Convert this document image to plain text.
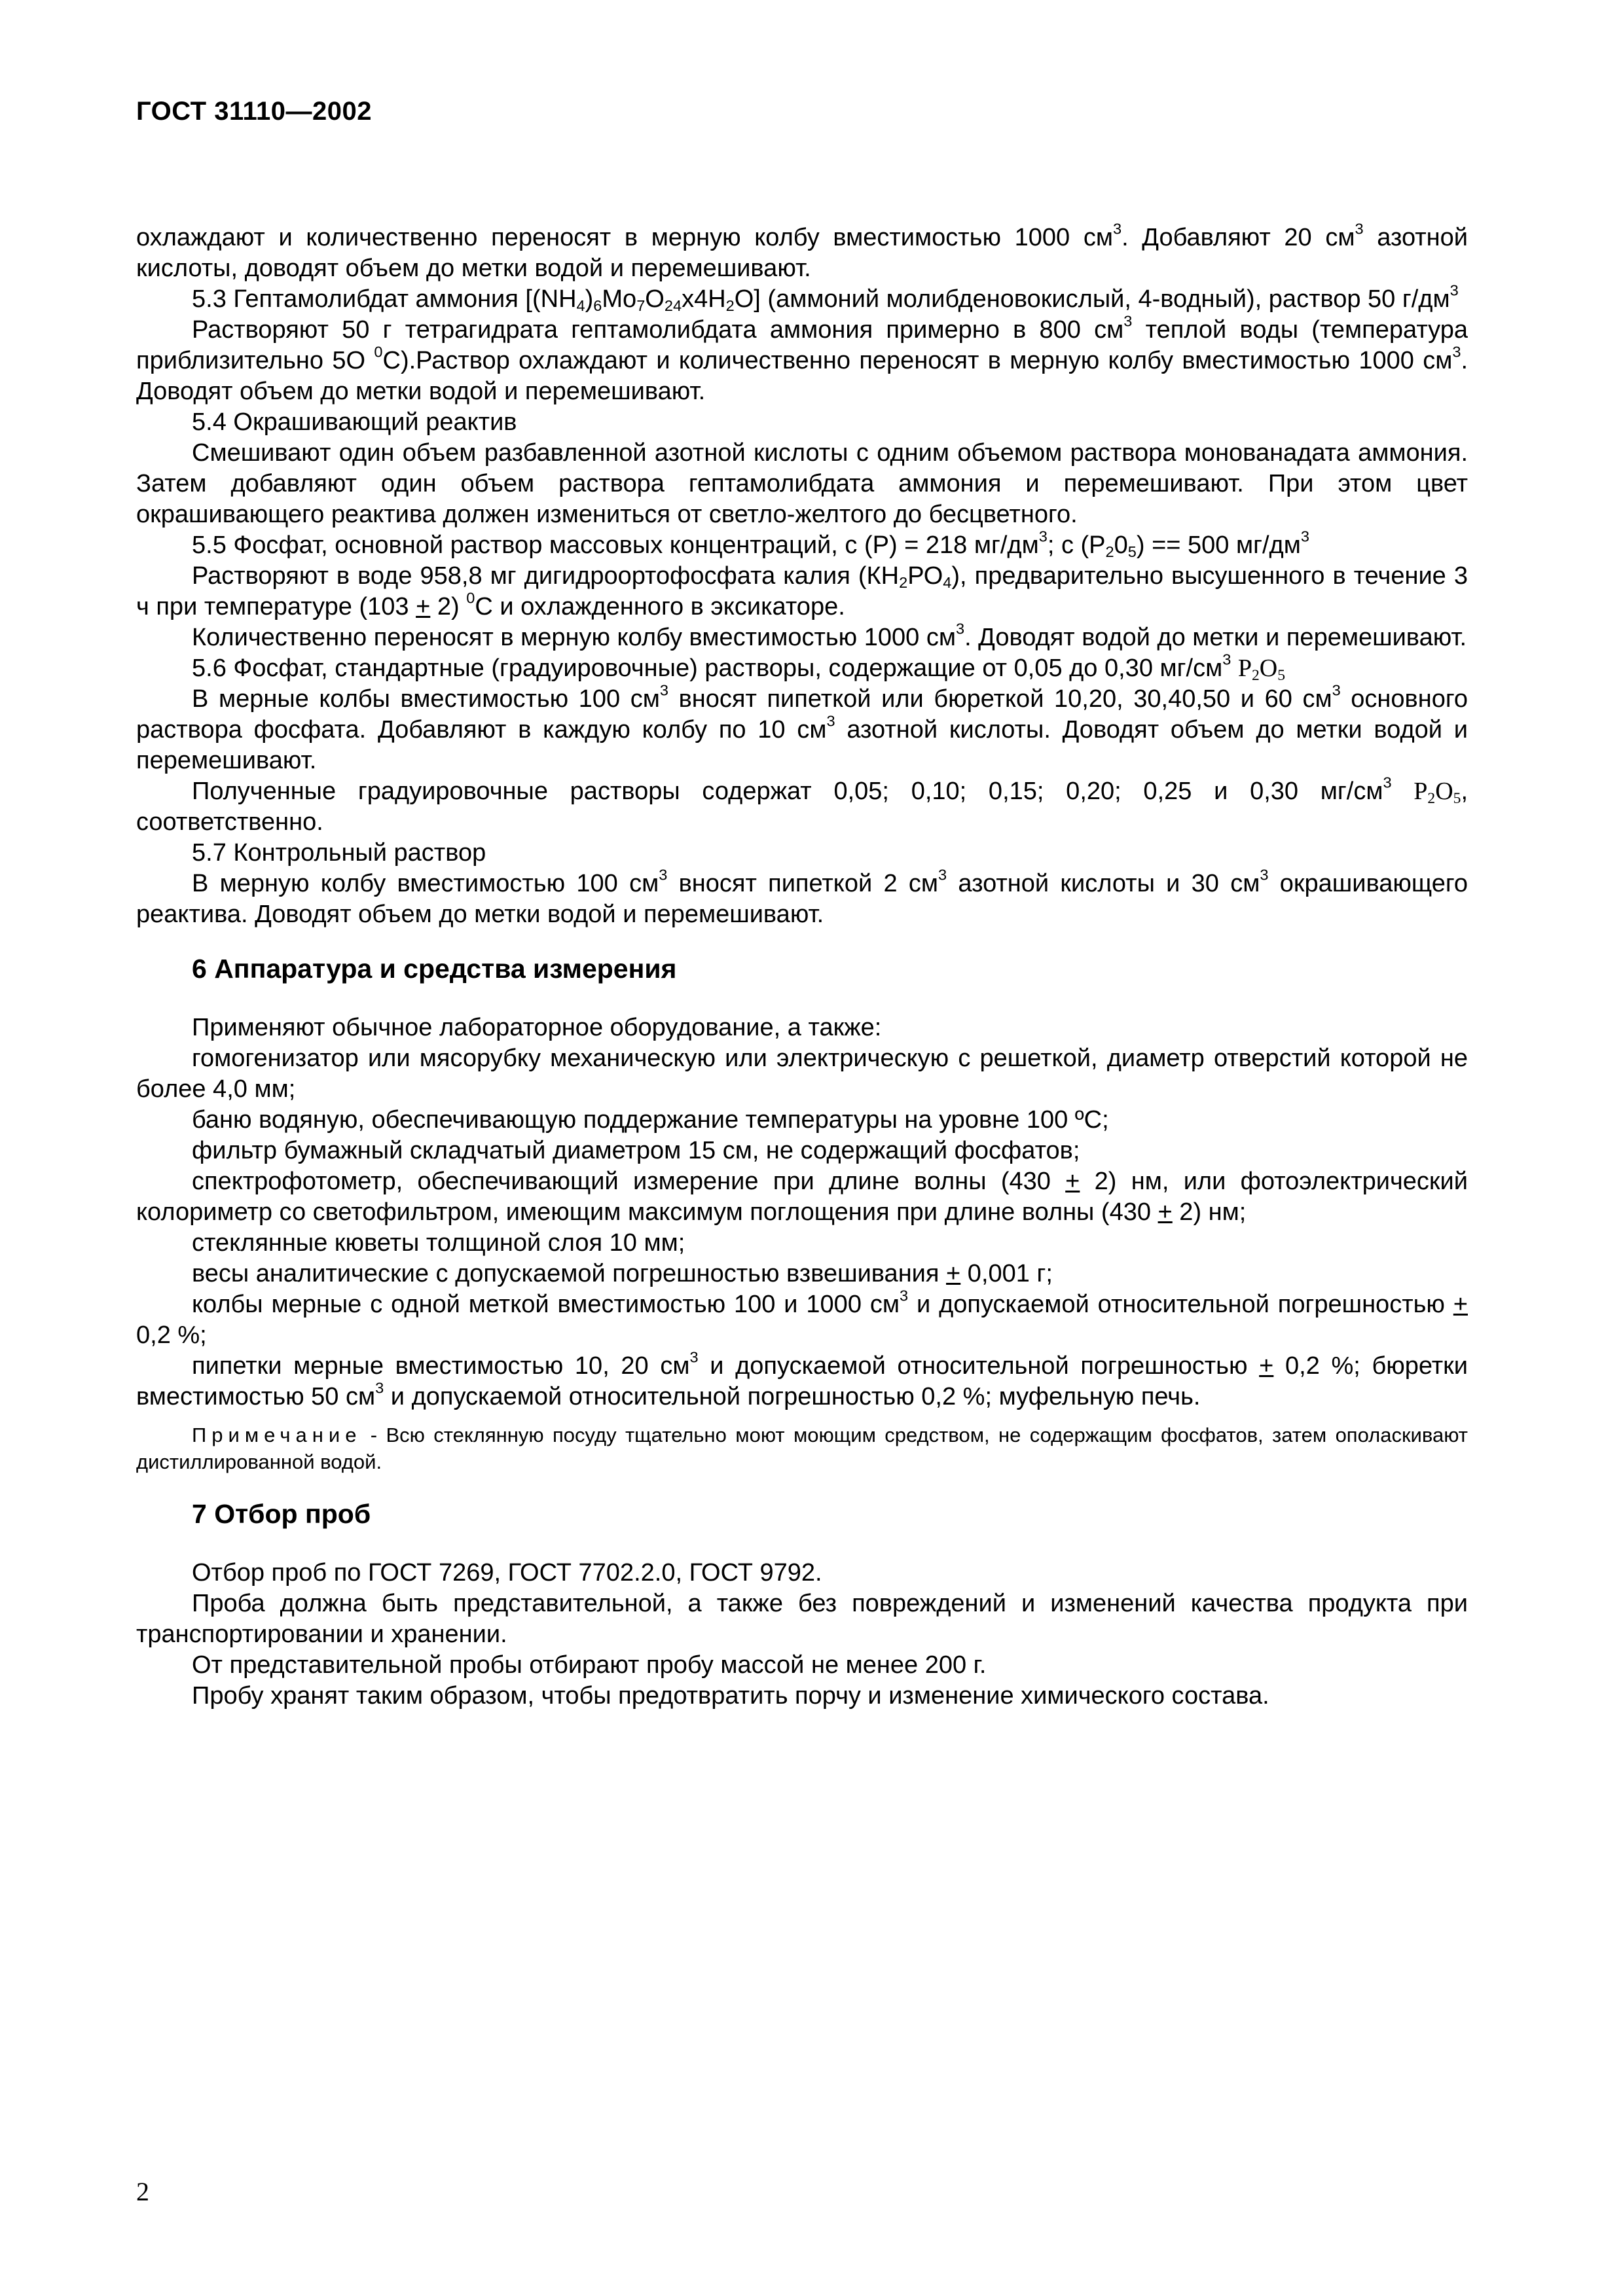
ГОСТ 31110—2002

охлаждают и количественно переносят в мерную колбу вместимостью 1000 $см^3$. Добавляют 20 $см^3$ азотной кислоты, доводят объем до метки водой и перемешивают.

5.3 Гептамолибдат аммония $[(NH_4)_6Mo_7O_{24}x4H_2O]$ (аммоний молибденовокислый, 4-водный), раствор 50 $г/дм^3$

Растворяют 50 г тетрагидрата гептамолибдата аммония примерно в 800 $см^3$ теплой воды (температура приблизительно 5О $^0$С).Раствор охлаждают и количественно переносят в мерную колбу вместимостью 1000 $см^3$. Доводят объем до метки водой и перемешивают.

5.4 Окрашивающий реактив

Смешивают один объем разбавленной азотной кислоты с одним объемом раствора монованадата аммония. Затем добавляют один объем раствора гептамолибдата аммония и перемешивают. При этом цвет окрашивающего реактива должен измениться от светло-желтого до бесцветного.

5.5 Фосфат, основной раствор массовых концентраций, с (Р) = 218 $мг/дм^3$; с $(Р_20_5) == 500$ $мг/дм^3$

Растворяют в воде 958,8 мг дигидроортофосфата калия $(КН_2РО_4)$, предварительно высушенного в течение 3 ч при температуре (103 + 2) $^0$С и охлажденного в эксикаторе.

Количественно переносят в мерную колбу вместимостью 1000 $см^3$. Доводят водой до метки и перемешивают.

5.6 Фосфат, стандартные (градуировочные) растворы, содержащие от 0,05 до 0,30 $мг/см^3$ $P_2O_5$

В мерные колбы вместимостью 100 $см^3$ вносят пипеткой или бюреткой 10,20, 30,40,50 и 60 $см^3$ основного раствора фосфата. Добавляют в каждую колбу по 10 $см^3$ азотной кислоты. Доводят объем до метки водой и перемешивают.

Полученные градуировочные растворы содержат 0,05; 0,10; 0,15; 0,20; 0,25 и 0,30 $мг/см^3$ $P_2O_5$, соответственно.

5.7 Контрольный раствор

В мерную колбу вместимостью 100 $см^3$ вносят пипеткой 2 $см^3$ азотной кислоты и 30 $см^3$ окрашивающего реактива. Доводят объем до метки водой и перемешивают.

6 Аппаратура и средства измерения

Применяют обычное лабораторное оборудование, а также:

гомогенизатор или мясорубку механическую или электрическую с решеткой, диаметр отверстий которой не более 4,0 мм;

баню водяную, обеспечивающую поддержание температуры на уровне 100 ºС;

фильтр бумажный складчатый диаметром 15 см, не содержащий фосфатов;

спектрофотометр, обеспечивающий измерение при длине волны (430 + 2) нм, или фотоэлектрический колориметр со светофильтром, имеющим максимум поглощения при длине волны (430 + 2) нм;

стеклянные кюветы толщиной слоя 10 мм;

весы аналитические с допускаемой погрешностью взвешивания + 0,001 г;

колбы мерные с одной меткой вместимостью 100 и 1000 $см^3$ и допускаемой относительной погрешностью + 0,2 %;

пипетки мерные вместимостью 10, 20 $см^3$ и допускаемой относительной погрешностью + 0,2 %; бюретки вместимостью 50 $см^3$ и допускаемой относительной погрешностью 0,2 %; муфельную печь.

Примечание - Всю стеклянную посуду тщательно моют моющим средством, не содержащим фосфатов, затем ополаскивают дистиллированной водой.

7 Отбор проб

Отбор проб по ГОСТ 7269, ГОСТ 7702.2.0, ГОСТ 9792.

Проба должна быть представительной, а также без повреждений и изменений качества продукта при транспортировании и хранении.

От представительной пробы отбирают пробу массой не менее 200 г.

Пробу хранят таким образом, чтобы предотвратить порчу и изменение химического состава.

2
